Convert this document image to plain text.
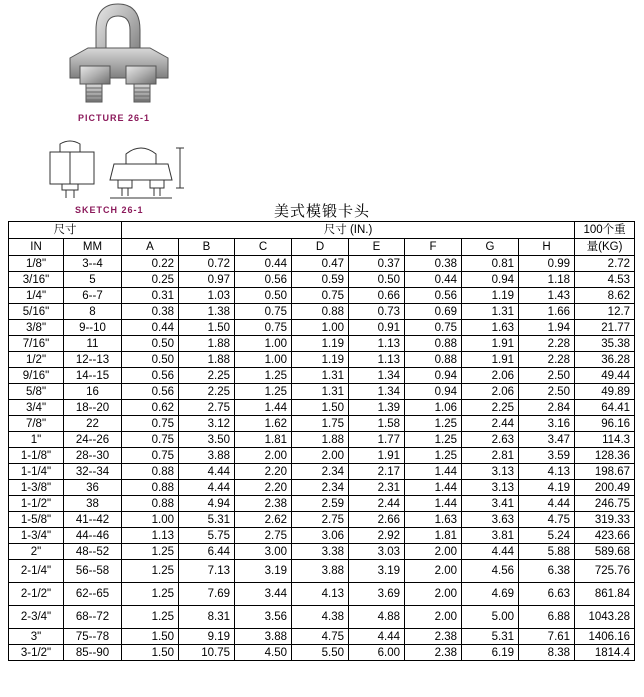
PICTURE 26-1
SKETCH 26-1	美式模锻卡头
尺寸		尺寸 (IN.)								100个重
IN	MM	A	B	C	D	E	F	G	H	量(KG)
1/8"	3--4	0.22	0.72	0.44	0.47	0.37	0.38	0.81	0.99	2.72
3/16"	5	0.25	0.97	0.56	0.59	0.50	0.44	0.94	1.18	4.53
1/4"	6--7	0.31	1.03	0.50	0.75	0.66	0.56	1.19	1.43	8.62
5/16"	8	0.38	1.38	0.75	0.88	0.73	0.69	1.31	1.66	12.7
3/8"	9--10	0.44	1.50	0.75	1.00	0.91	0.75	1.63	1.94	21.77
7/16"	11	0.50	1.88	1.00	1.19	1.13	0.88	1.91	2.28	35.38
1/2"	12--13	0.50	1.88	1.00	1.19	1.13	0.88	1.91	2.28	36.28
9/16"	14--15	0.56	2.25	1.25	1.31	1.34	0.94	2.06	2.50	49.44
5/8"	16	0.56	2.25	1.25	1.31	1.34	0.94	2.06	2.50	49.89
3/4"	18--20	0.62	2.75	1.44	1.50	1.39	1.06	2.25	2.84	64.41
7/8"	22	0.75	3.12	1.62	1.75	1.58	1.25	2.44	3.16	96.16
1"	24--26	0.75	3.50	1.81	1.88	1.77	1.25	2.63	3.47	114.3
1-1/8"	28--30	0.75	3.88	2.00	2.00	1.91	1.25	2.81	3.59	128.36
1-1/4"	32--34	0.88	4.44	2.20	2.34	2.17	1.44	3.13	4.13	198.67
1-3/8"	36	0.88	4.44	2.20	2.34	2.31	1.44	3.13	4.19	200.49
1-1/2"	38	0.88	4.94	2.38	2.59	2.44	1.44	3.41	4.44	246.75
1-5/8"	41--42	1.00	5.31	2.62	2.75	2.66	1.63	3.63	4.75	319.33
1-3/4"	44--46	1.13	5.75	2.75	3.06	2.92	1.81	3.81	5.24	423.66
2"	48--52	1.25	6.44	3.00	3.38	3.03	2.00	4.44	5.88	589.68
2-1/4"	56--58	1.25	7.13	3.19	3.88	3.19	2.00	4.56	6.38	725.76
2-1/2"	62--65	1.25	7.69	3.44	4.13	3.69	2.00	4.69	6.63	861.84
2-3/4"	68--72	1.25	8.31	3.56	4.38	4.88	2.00	5.00	6.88	1043.28
3"	75--78	1.50	9.19	3.88	4.75	4.44	2.38	5.31	7.61	1406.16
3-1/2"	85--90	1.50	10.75	4.50	5.50	6.00	2.38	6.19	8.38	1814.4
